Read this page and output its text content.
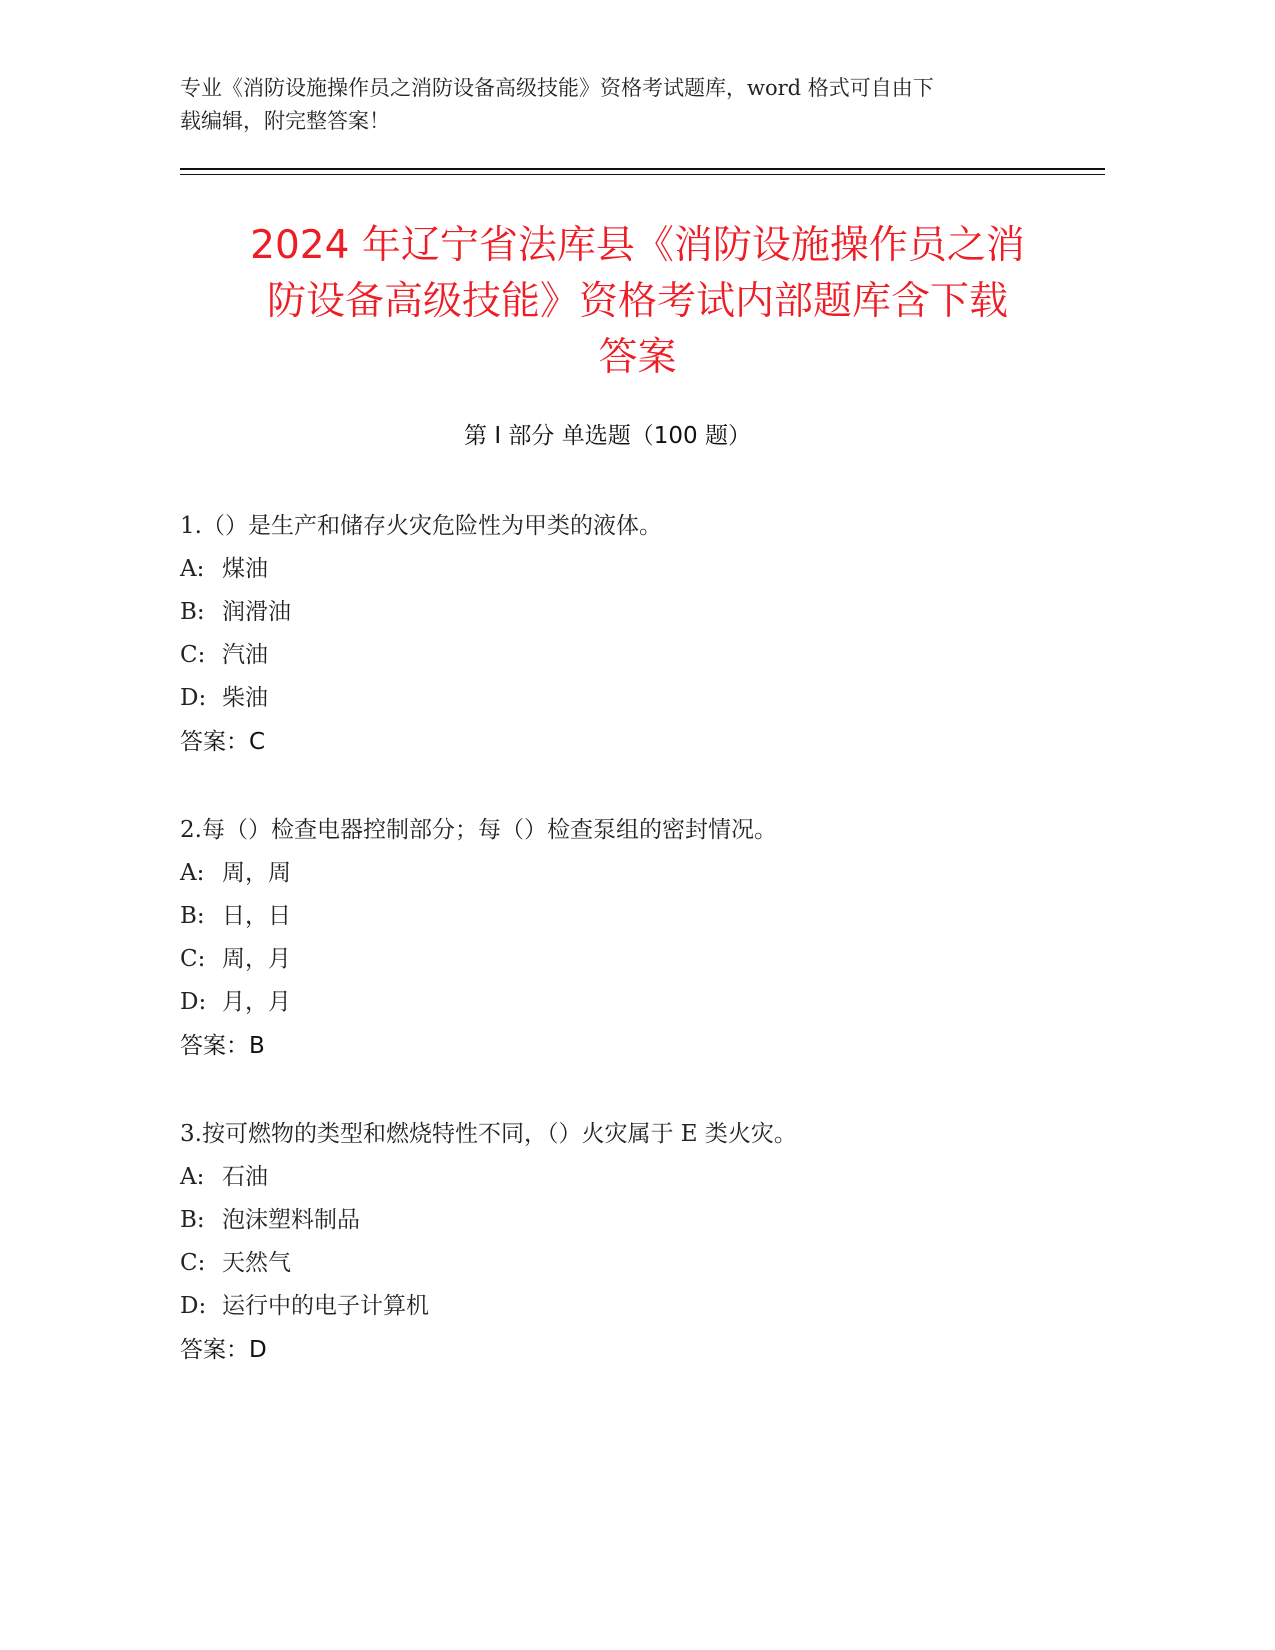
专业《消防设施操作员之消防设备高级技能》资格考试题库，word 格式可自由下
载编辑，附完整答案！
2024 年辽宁省法库县《消防设施操作员之消
防设备高级技能》资格考试内部题库含下载
答案
第 I 部分 单选题（100 题）
1.（）是生产和储存火灾危险性为甲类的液体。
A: 煤油
B: 润滑油
C: 汽油
D: 柴油
答案：C
2.每（）检查电器控制部分；每（）检查泵组的密封情况。
A: 周，周
B: 日，日
C: 周，月
D: 月，月
答案：B
3.按可燃物的类型和燃烧特性不同，（）火灾属于 E 类火灾。
A: 石油
B: 泡沫塑料制品
C: 天然气
D: 运行中的电子计算机
答案：D
